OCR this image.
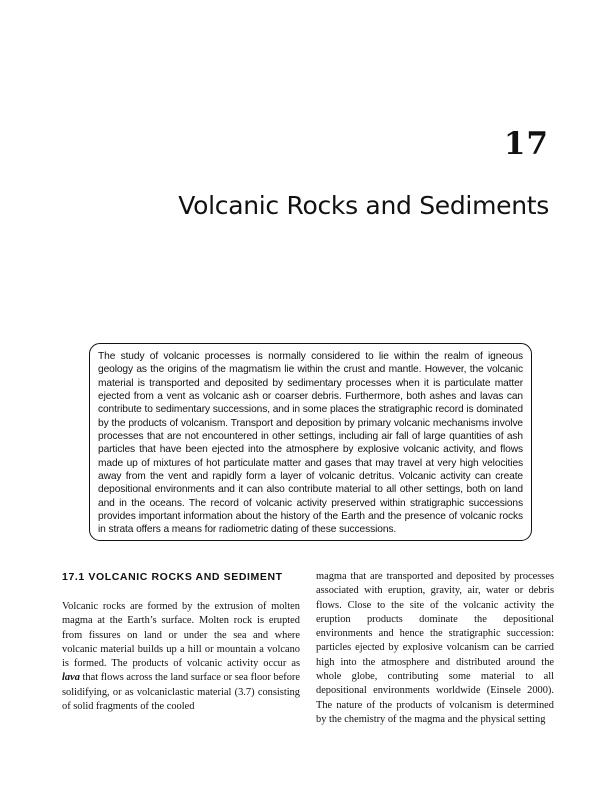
17
Volcanic Rocks and Sediments

The study of volcanic processes is normally considered to lie within the realm of igneous geology as the origins of the magmatism lie within the crust and mantle. However, the volcanic material is transported and deposited by sedimentary processes when it is particulate matter ejected from a vent as volcanic ash or coarser debris. Furthermore, both ashes and lavas can contribute to sedimentary successions, and in some places the stratigraphic record is dominated by the products of volcanism. Transport and deposition by primary volcanic mechanisms involve processes that are not encountered in other settings, including air fall of large quantities of ash particles that have been ejected into the atmosphere by explosive volcanic activity, and flows made up of mixtures of hot particulate matter and gases that may travel at very high velocities away from the vent and rapidly form a layer of volcanic detritus. Volcanic activity can create depositional environments and it can also contribute material to all other settings, both on land and in the oceans. The record of volcanic activity preserved within stratigraphic successions provides important information about the history of the Earth and the presence of volcanic rocks in strata offers a means for radiometric dating of these successions.

17.1 VOLCANIC ROCKS AND SEDIMENT

Volcanic rocks are formed by the extrusion of molten magma at the Earth’s surface. Molten rock is erupted from fissures on land or under the sea and where volcanic material builds up a hill or mountain a volcano is formed. The products of volcanic activity occur as lava that flows across the land surface or sea floor before solidifying, or as volcaniclastic material (3.7) consisting of solid fragments of the cooled

magma that are transported and deposited by processes associated with eruption, gravity, air, water or debris flows. Close to the site of the volcanic activity the eruption products dominate the depositional environments and hence the stratigraphic succession: particles ejected by explosive volcanism can be carried high into the atmosphere and distributed around the whole globe, contributing some material to all depositional environments worldwide (Einsele 2000). The nature of the products of volcanism is determined by the chemistry of the magma and the physical setting
